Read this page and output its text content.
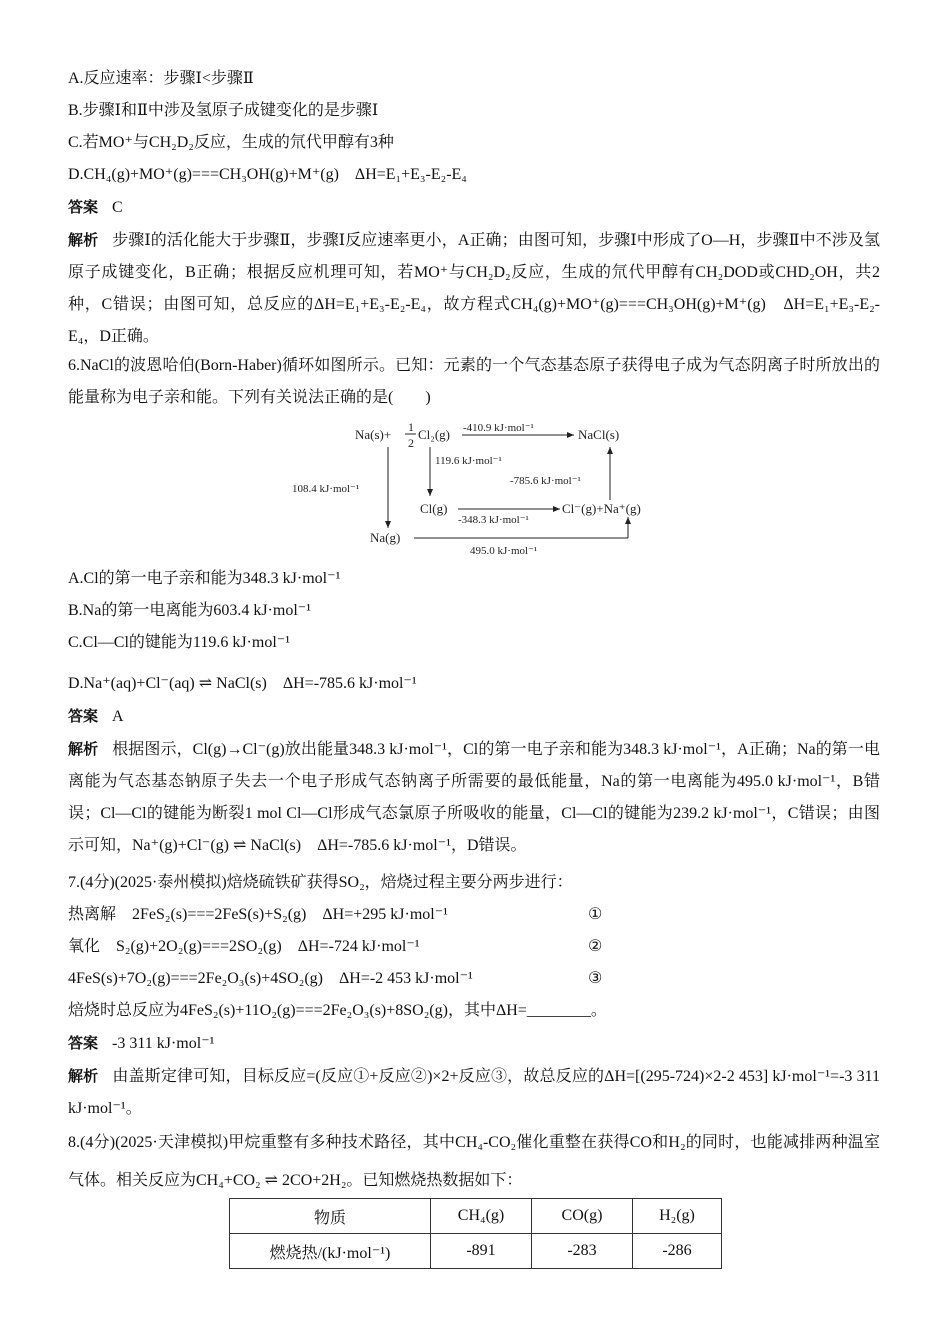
A.反应速率：步骤Ⅰ<步骤Ⅱ
B.步骤Ⅰ和Ⅱ中涉及氢原子成键变化的是步骤Ⅰ
C.若MO⁺与CH₂D₂反应，生成的氘代甲醇有3种
D.CH₄(g)+MO⁺(g)===CH₃OH(g)+M⁺(g)　ΔH=E₁+E₃-E₂-E₄
答案 C
解析 步骤Ⅰ的活化能大于步骤Ⅱ，步骤Ⅰ反应速率更小，A正确；由图可知，步骤Ⅰ中形成了O—H，步骤Ⅱ中不涉及氢原子成键变化，B正确；根据反应机理可知，若MO⁺与CH₂D₂反应，生成的氘代甲醇有CH₂DOD或CHD₂OH，共2种，C错误；由图可知，总反应的ΔH=E₁+E₃-E₂-E₄，故方程式CH₄(g)+MO⁺(g)===CH₃OH(g)+M⁺(g)　ΔH=E₁+E₃-E₂-E₄，D正确。
6.NaCl的波恩哈伯(Born-Haber)循环如图所示。已知：元素的一个气态基态原子获得电子成为气态阴离子时所放出的能量称为电子亲和能。下列有关说法正确的是(　　)
Na(s)+ 1
2
Cl₂(g) -410.9 kJ·mol⁻¹	NaCl(s)
108.4 kJ·mol⁻¹
119.6 kJ·mol⁻¹
-785.6 kJ·mol⁻¹
Cl(g)
-348.3 kJ·mol⁻¹
Cl⁻(g)+Na⁺(g)
Na(g)
495.0 kJ·mol⁻¹
A.Cl的第一电子亲和能为348.3 kJ·mol⁻¹
B.Na的第一电离能为603.4 kJ·mol⁻¹
C.Cl—Cl的键能为119.6 kJ·mol⁻¹
D.Na⁺(aq)+Cl⁻(aq) ⇌ NaCl(s)　ΔH=-785.6 kJ·mol⁻¹
答案 A
解析 根据图示，Cl(g)→Cl⁻(g)放出能量348.3 kJ·mol⁻¹，Cl的第一电子亲和能为348.3 kJ·mol⁻¹，A正确；Na的第一电离能为气态基态钠原子失去一个电子形成气态钠离子所需要的最低能量，Na的第一电离能为495.0 kJ·mol⁻¹，B错误；Cl—Cl的键能为断裂1 mol Cl—Cl形成气态氯原子所吸收的能量，Cl—Cl的键能为239.2 kJ·mol⁻¹，C错误；由图示可知，Na⁺(g)+Cl⁻(g) ⇌ NaCl(s)　ΔH=-785.6 kJ·mol⁻¹，D错误。
7.(4分)(2025·泰州模拟)焙烧硫铁矿获得SO₂，焙烧过程主要分两步进行：
热离解　2FeS₂(s)===2FeS(s)+S₂(g)　ΔH=+295 kJ·mol⁻¹	①
氧化　S₂(g)+2O₂(g)===2SO₂(g)　ΔH=-724 kJ·mol⁻¹	②
4FeS(s)+7O₂(g)===2Fe₂O₃(s)+4SO₂(g)　ΔH=-2 453 kJ·mol⁻¹	③
焙烧时总反应为4FeS₂(s)+11O₂(g)===2Fe₂O₃(s)+8SO₂(g)，其中ΔH=________。
答案 -3 311 kJ·mol⁻¹
解析 由盖斯定律可知，目标反应=(反应①+反应②)×2+反应③，故总反应的ΔH=[(295-724)×2-2 453] kJ·mol⁻¹=-3 311 kJ·mol⁻¹。
8.(4分)(2025·天津模拟)甲烷重整有多种技术路径，其中CH₄-CO₂催化重整在获得CO和H₂的同时，也能减排两种温室气体。相关反应为CH₄+CO₂ ⇌ 2CO+2H₂。已知燃烧热数据如下：
物质	CH₄(g)	CO(g)	H₂(g)
燃烧热/(kJ·mol⁻¹)	-891	-283	-286
